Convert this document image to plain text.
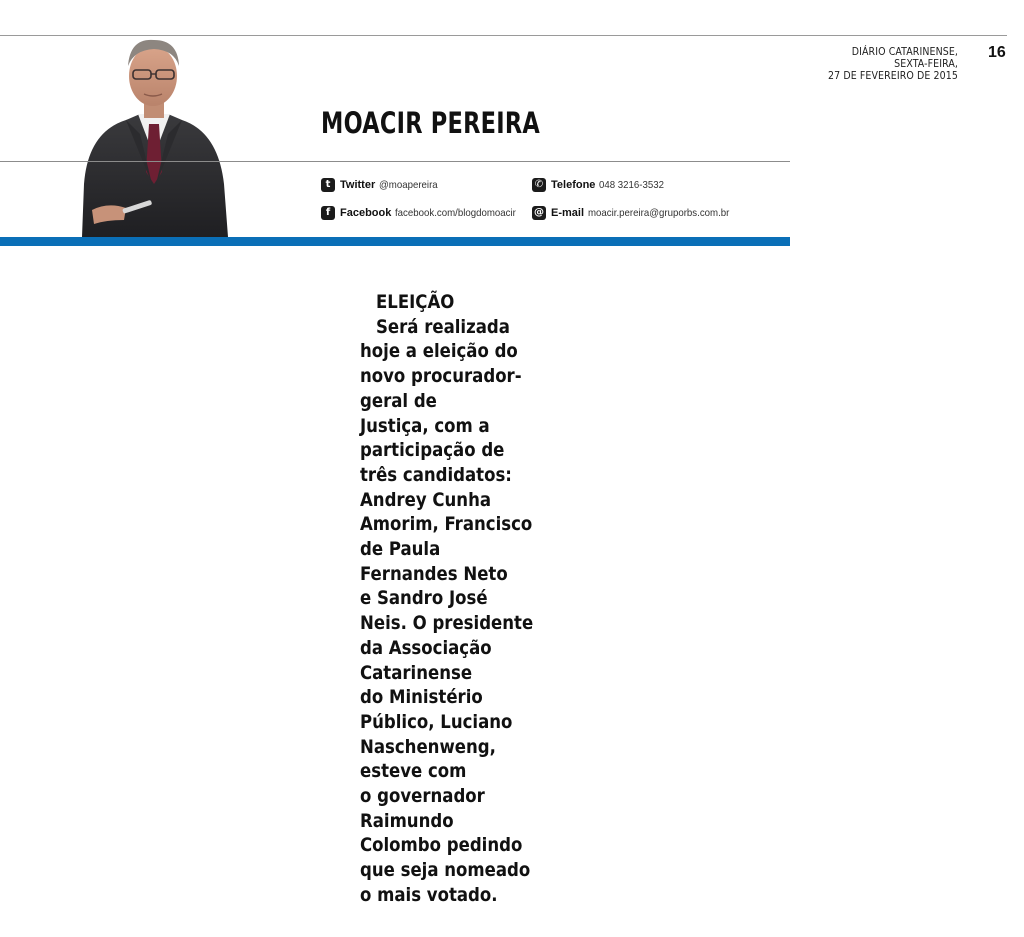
DIÁRIO CATARINENSE,
SEXTA-FEIRA,
27 DE FEVEREIRO DE 2015
16
MOACIR PEREIRA
t Twitter @moapereira	✆ Telefone 048 3216-3532
f Facebook facebook.com/blogdomoacir @ E-mail moacir.pereira@gruporbs.com.br
ELEIÇÃO
Será realizada
hoje a eleição do
novo procurador-
geral de
Justiça, com a
participação de
três candidatos:
Andrey Cunha
Amorim, Francisco
de Paula
Fernandes Neto
e Sandro José
Neis. O presidente
da Associação
Catarinense
do Ministério
Público, Luciano
Naschenweng,
esteve com
o governador
Raimundo
Colombo pedindo
que seja nomeado
o mais votado.
